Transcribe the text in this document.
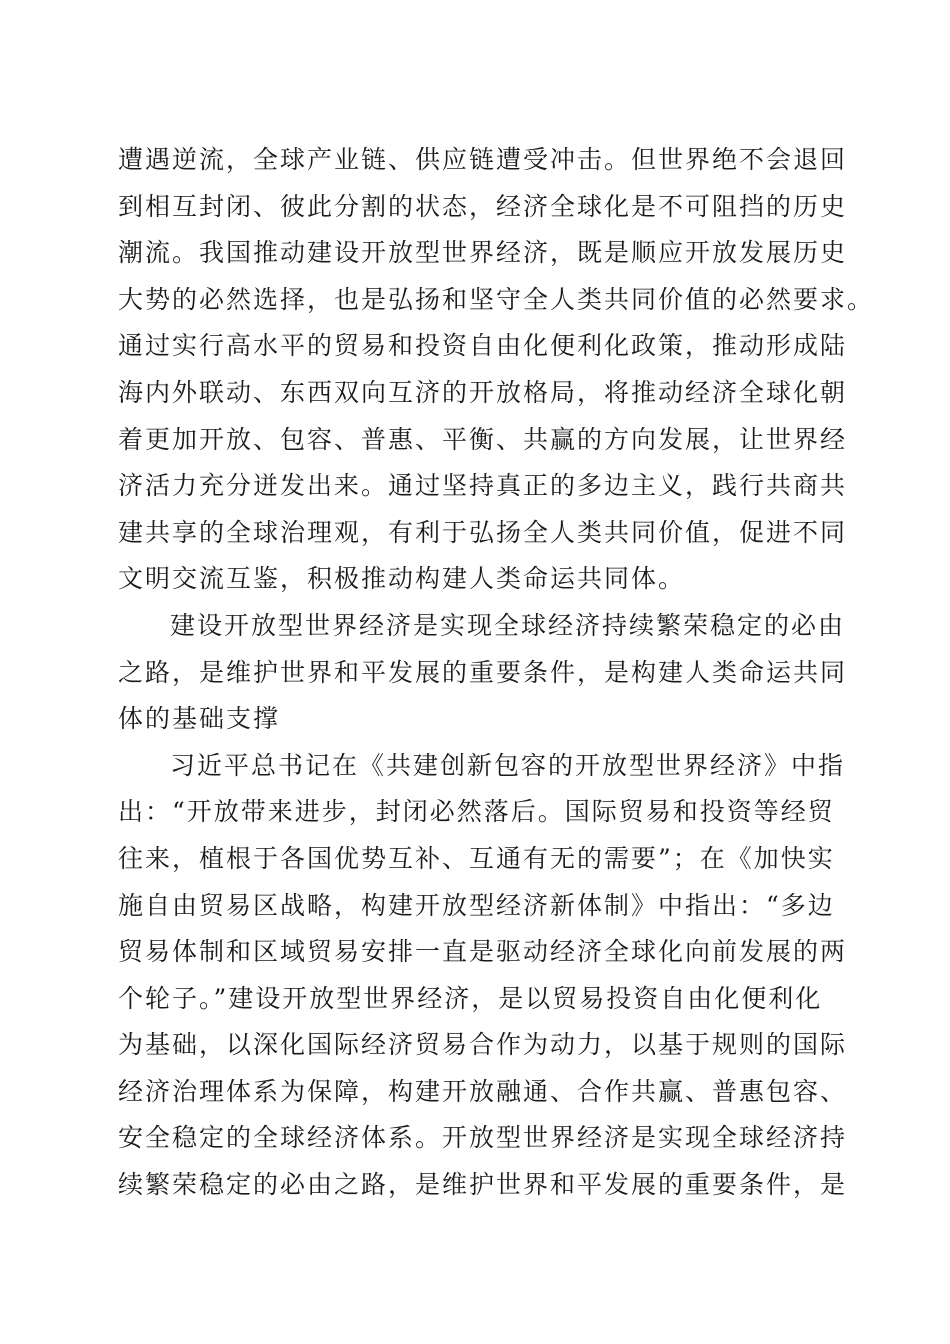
遭遇逆流，全球产业链、供应链遭受冲击。但世界绝不会退回
到相互封闭、彼此分割的状态，经济全球化是不可阻挡的历史
潮流。我国推动建设开放型世界经济，既是顺应开放发展历史
大势的必然选择，也是弘扬和坚守全人类共同价值的必然要求。
通过实行高水平的贸易和投资自由化便利化政策，推动形成陆
海内外联动、东西双向互济的开放格局，将推动经济全球化朝
着更加开放、包容、普惠、平衡、共赢的方向发展，让世界经
济活力充分迸发出来。通过坚持真正的多边主义，践行共商共
建共享的全球治理观，有利于弘扬全人类共同价值，促进不同
文明交流互鉴，积极推动构建人类命运共同体。
建设开放型世界经济是实现全球经济持续繁荣稳定的必由
之路，是维护世界和平发展的重要条件，是构建人类命运共同
体的基础支撑
习近平总书记在《共建创新包容的开放型世界经济》中指
出：“开放带来进步，封闭必然落后。国际贸易和投资等经贸
往来，植根于各国优势互补、互通有无的需要”；在《加快实
施自由贸易区战略，构建开放型经济新体制》中指出：“多边
贸易体制和区域贸易安排一直是驱动经济全球化向前发展的两
个轮子。”建设开放型世界经济，是以贸易投资自由化便利化
为基础，以深化国际经济贸易合作为动力，以基于规则的国际
经济治理体系为保障，构建开放融通、合作共赢、普惠包容、
安全稳定的全球经济体系。开放型世界经济是实现全球经济持
续繁荣稳定的必由之路，是维护世界和平发展的重要条件，是
